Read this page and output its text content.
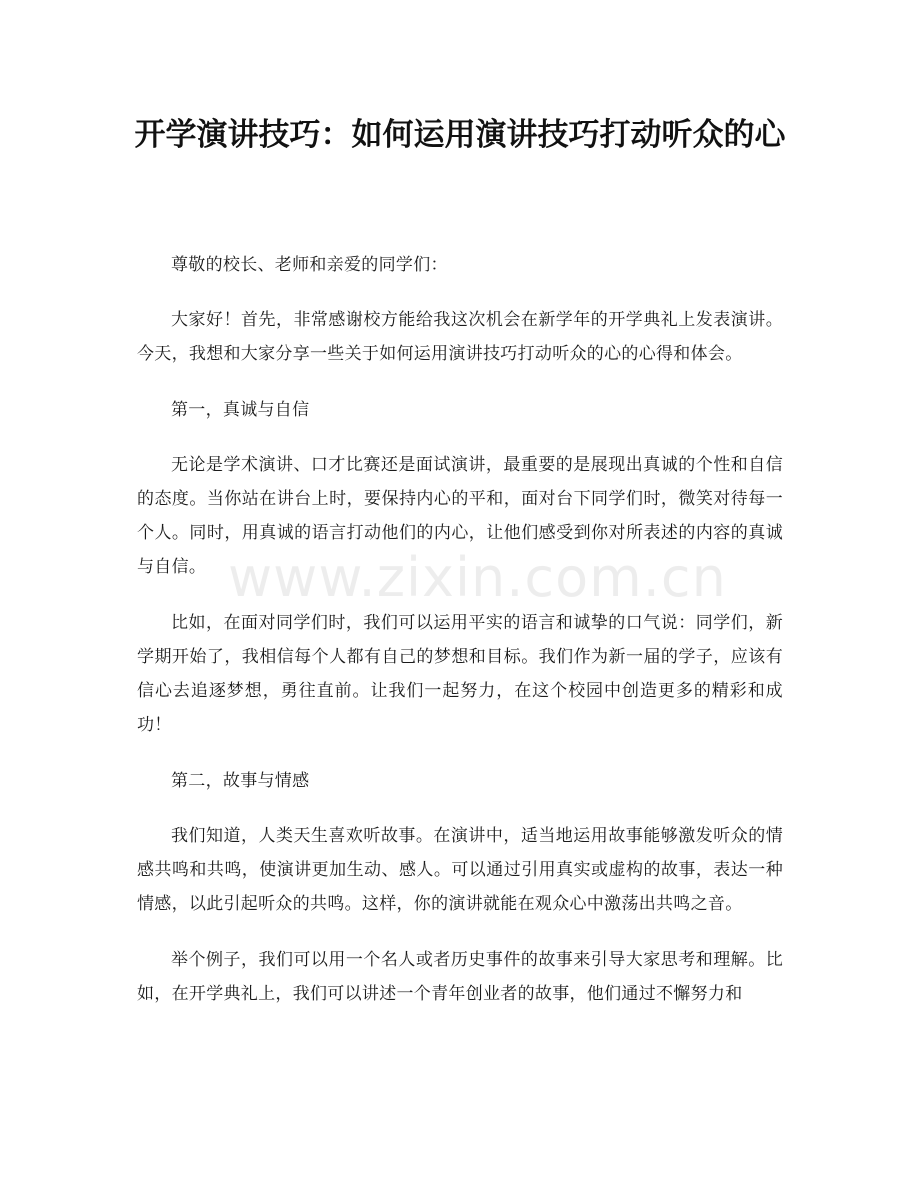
开学演讲技巧：如何运用演讲技巧打动听众的心

尊敬的校长、老师和亲爱的同学们：

大家好！首先，非常感谢校方能给我这次机会在新学年的开学典礼上发表演讲。今天，我想和大家分享一些关于如何运用演讲技巧打动听众的心的心得和体会。

第一，真诚与自信

无论是学术演讲、口才比赛还是面试演讲，最重要的是展现出真诚的个性和自信的态度。当你站在讲台上时，要保持内心的平和，面对台下同学们时，微笑对待每一个人。同时，用真诚的语言打动他们的内心，让他们感受到你对所表述的内容的真诚与自信。

比如，在面对同学们时，我们可以运用平实的语言和诚挚的口气说：同学们，新学期开始了，我相信每个人都有自己的梦想和目标。我们作为新一届的学子，应该有信心去追逐梦想，勇往直前。让我们一起努力，在这个校园中创造更多的精彩和成功！

第二，故事与情感

我们知道，人类天生喜欢听故事。在演讲中，适当地运用故事能够激发听众的情感共鸣和共鸣，使演讲更加生动、感人。可以通过引用真实或虚构的故事，表达一种情感，以此引起听众的共鸣。这样，你的演讲就能在观众心中激荡出共鸣之音。

举个例子，我们可以用一个名人或者历史事件的故事来引导大家思考和理解。比如，在开学典礼上，我们可以讲述一个青年创业者的故事，他们通过不懈努力和

www.zixin.com.cn
